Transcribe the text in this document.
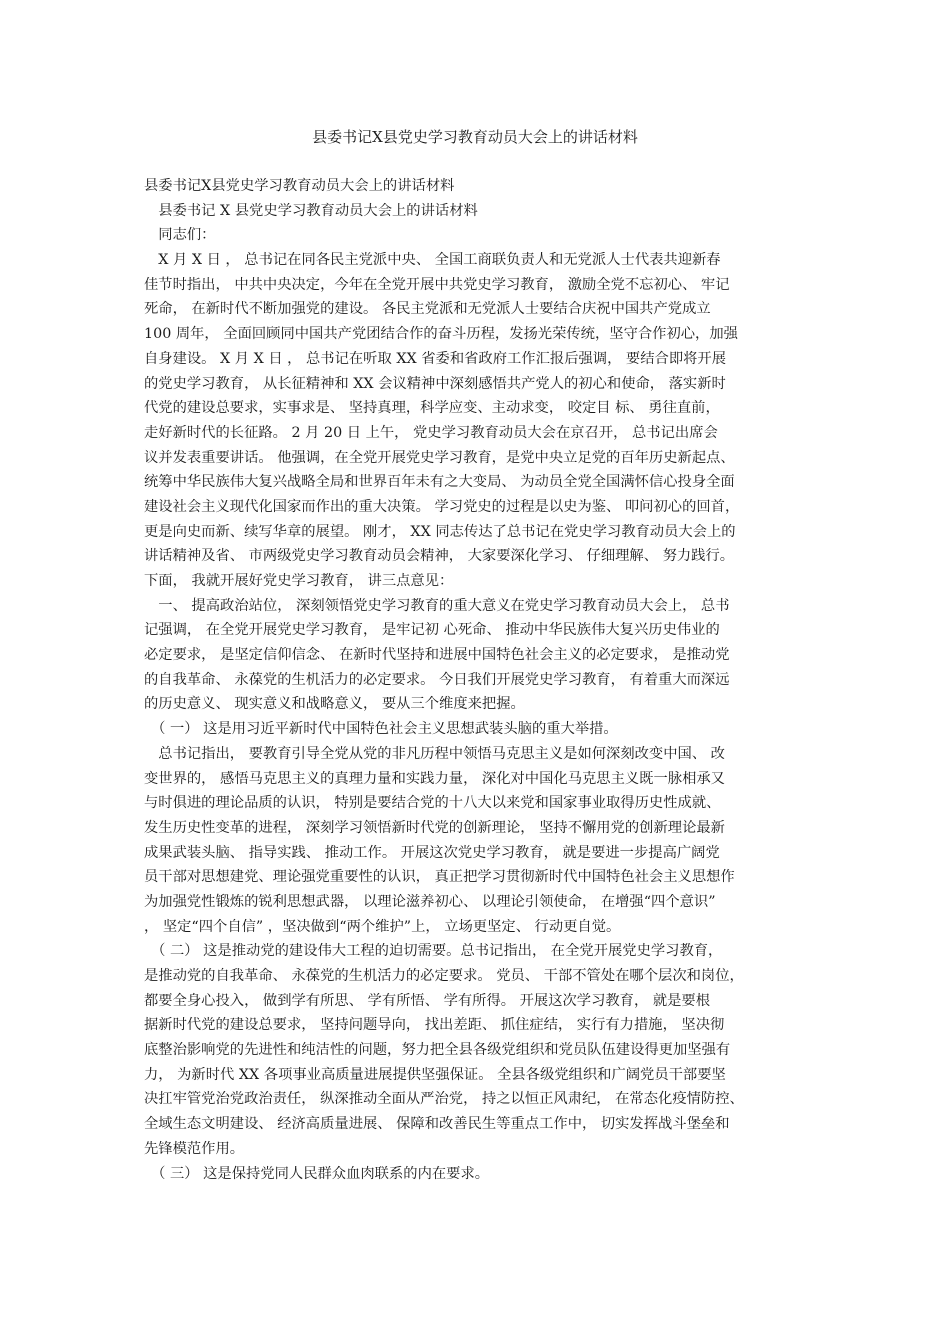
县委书记X县党史学习教育动员大会上的讲话材料
县委书记X县党史学习教育动员大会上的讲话材料
　县委书记 X 县党史学习教育动员大会上的讲话材料
　同志们：
　X 月 X 日 ， 总书记在同各民主党派中央、 全国工商联负责人和无党派人士代表共迎新春
佳节时指出， 中共中央决定，今年在全党开展中共党史学习教育， 激励全党不忘初心、 牢记
死命， 在新时代不断加强党的建设。 各民主党派和无党派人士要结合庆祝中国共产党成立
100 周年， 全面回顾同中国共产党团结合作的奋斗历程，发扬光荣传统，坚守合作初心，加强
自身建设。 X 月 X 日 ， 总书记在听取 XX 省委和省政府工作汇报后强调， 要结合即将开展
的党史学习教育， 从长征精神和 XX 会议精神中深刻感悟共产党人的初心和使命， 落实新时
代党的建设总要求，实事求是、 坚持真理，科学应变、主动求变， 咬定目 标、 勇往直前，
走好新时代的长征路。 2 月 20 日 上午， 党史学习教育动员大会在京召开， 总书记出席会
议并发表重要讲话。 他强调，在全党开展党史学习教育，是党中央立足党的百年历史新起点、
统筹中华民族伟大复兴战略全局和世界百年未有之大变局、 为动员全党全国满怀信心投身全面
建设社会主义现代化国家而作出的重大决策。 学习党史的过程是以史为鉴、 叩问初心的回首，
更是向史而新、续写华章的展望。 刚才， XX 同志传达了总书记在党史学习教育动员大会上的
讲话精神及省、 市两级党史学习教育动员会精神， 大家要深化学习、 仔细理解、 努力践行。
下面， 我就开展好党史学习教育， 讲三点意见：
　一、 提高政治站位， 深刻领悟党史学习教育的重大意义在党史学习教育动员大会上， 总书
记强调， 在全党开展党史学习教育， 是牢记初 心死命、 推动中华民族伟大复兴历史伟业的
必定要求， 是坚定信仰信念、 在新时代坚持和进展中国特色社会主义的必定要求， 是推动党
的自我革命、 永葆党的生机活力的必定要求。 今日我们开展党史学习教育， 有着重大而深远
的历史意义、 现实意义和战略意义， 要从三个维度来把握。
　（ 一） 这是用习近平新时代中国特色社会主义思想武装头脑的重大举措。
　总书记指出， 要教育引导全党从党的非凡历程中领悟马克思主义是如何深刻改变中国、 改
变世界的， 感悟马克思主义的真理力量和实践力量， 深化对中国化马克思主义既一脉相承又
与时俱进的理论品质的认识， 特别是要结合党的十八大以来党和国家事业取得历史性成就、
发生历史性变革的进程， 深刻学习领悟新时代党的创新理论， 坚持不懈用党的创新理论最新
成果武装头脑、 指导实践、 推动工作。 开展这次党史学习教育， 就是要进一步提高广阔党
员干部对思想建党、理论强党重要性的认识， 真正把学习贯彻新时代中国特色社会主义思想作
为加强党性锻炼的锐利思想武器， 以理论滋养初心、 以理论引领使命， 在增强“四个意识”
， 坚定“四个自信” ，坚决做到“两个维护”上， 立场更坚定、 行动更自觉。
　（ 二） 这是推动党的建设伟大工程的迫切需要。总书记指出， 在全党开展党史学习教育，
是推动党的自我革命、 永葆党的生机活力的必定要求。 党员、 干部不管处在哪个层次和岗位，
都要全身心投入， 做到学有所思、 学有所悟、 学有所得。 开展这次学习教育， 就是要根
据新时代党的建设总要求， 坚持问题导向， 找出差距、 抓住症结， 实行有力措施， 坚决彻
底整治影响党的先进性和纯洁性的问题，努力把全县各级党组织和党员队伍建设得更加坚强有
力， 为新时代 XX 各项事业高质量进展提供坚强保证。 全县各级党组织和广阔党员干部要坚
决扛牢管党治党政治责任， 纵深推动全面从严治党， 持之以恒正风肃纪， 在常态化疫情防控、
全域生态文明建设、 经济高质量进展、 保障和改善民生等重点工作中， 切实发挥战斗堡垒和
先锋模范作用。
　（ 三） 这是保持党同人民群众血肉联系的内在要求。
